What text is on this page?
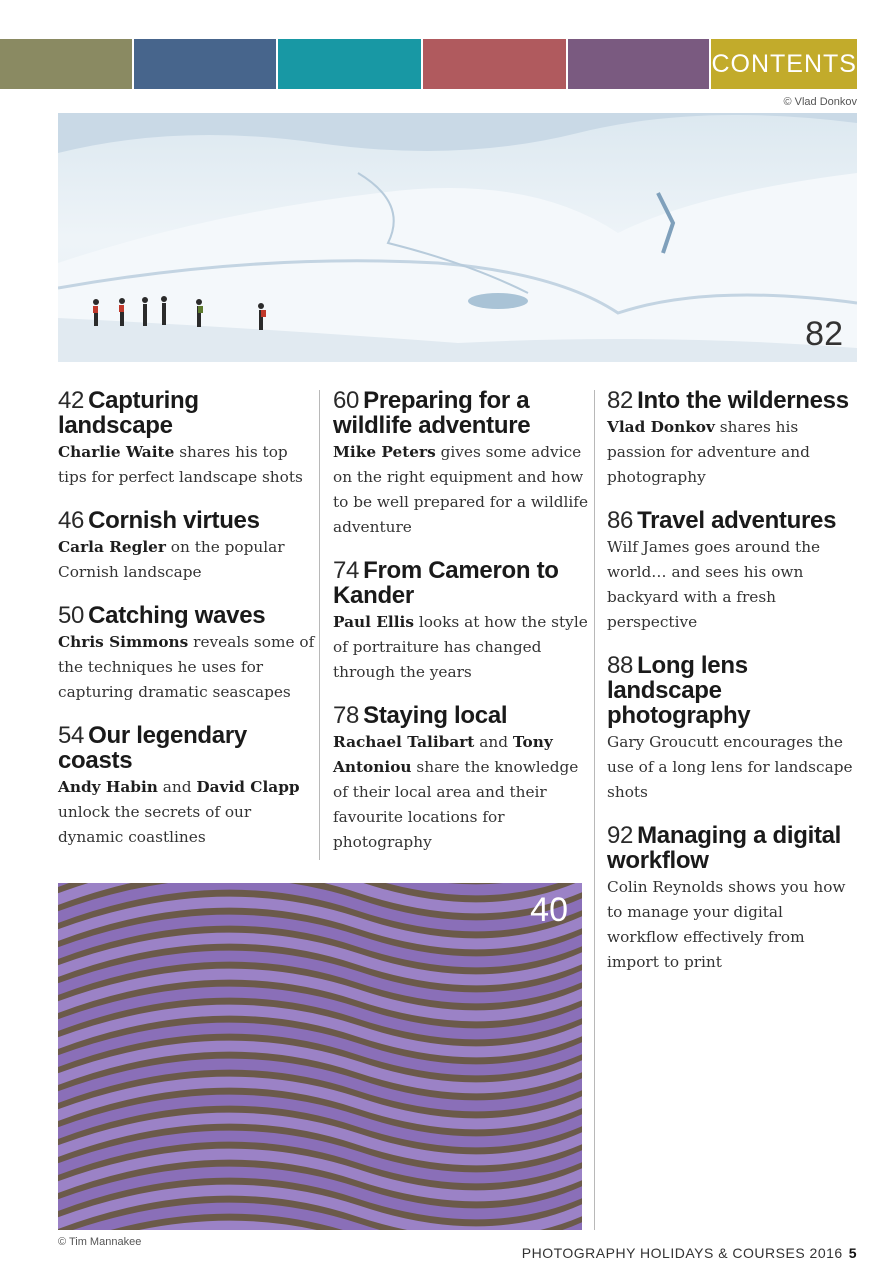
CONTENTS
© Vlad Donkov
82
42 Capturing landscape

Charlie Waite shares his top tips for perfect landscape shots

46 Cornish virtues

Carla Regler on the popular Cornish landscape

50 Catching waves

Chris Simmons reveals some of the techniques he uses for capturing dramatic seascapes

54 Our legendary coasts

Andy Habin and David Clapp unlock the secrets of our dynamic coastlines

60 Preparing for a wildlife adventure

Mike Peters gives some advice on the right equipment and how to be well prepared for a wildlife adventure

74 From Cameron to Kander

Paul Ellis looks at how the style of portraiture has changed through the years

78 Staying local

Rachael Talibart and Tony Antoniou share the knowledge of their local area and their favourite locations for photography

82 Into the wilderness

Vlad Donkov shares his passion for adventure and photography

86 Travel adventures

Wilf James goes around the world… and sees his own backyard with a fresh perspective

88 Long lens landscape photography

Gary Groucutt encourages the use of a long lens for landscape shots

92 Managing a digital workflow

Colin Reynolds shows you how to manage your digital workflow effectively from import to print

40
© Tim Mannakee
PHOTOGRAPHY HOLIDAYS & COURSES 2016 5
